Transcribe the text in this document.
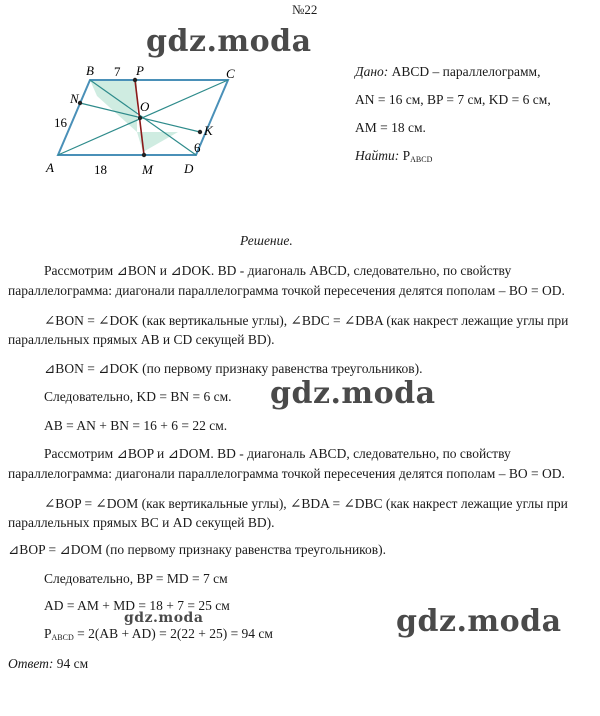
№22
gdz.moda
B 7 P	C
N
O
K
16
6
A	18	M D
Дано: ABCD – параллелограмм,
AN = 16 см, BP = 7 см, KD = 6 см,
AM = 18 см.
Найти: $P_{ABCD}$
Решение.
Рассмотрим ⊿BON и ⊿DOK. BD - диагональ ABCD, следовательно, по свойству
параллелограмма: диагонали параллелограмма точкой пересечения делятся пополам – BO = OD.
∠BON = ∠DOK (как вертикальные углы), ∠BDC = ∠DBA (как накрест лежащие углы при
параллельных прямых AB и CD секущей BD).
⊿BON = ⊿DOK (по первому признаку равенства треугольников).
Следовательно, KD = BN = 6 см. gdz.moda
AB = AN + BN = 16 + 6 = 22 см.
Рассмотрим ⊿BOP и ⊿DOM. BD - диагональ ABCD, следовательно, по свойству
параллелограмма: диагонали параллелограмма точкой пересечения делятся пополам – BO = OD.
∠BOP = ∠DOM (как вертикальные углы), ∠BDA = ∠DBC (как накрест лежащие углы при
параллельных прямых BC и AD секущей BD).
⊿BOP = ⊿DOM (по первому признаку равенства треугольников).
Следовательно, BP = MD = 7 см
AD = AM + MD = 18 + 7 = 25 см
gdz.moda
$P_{ABCD} = 2(AB + AD) = 2(22 + 25) = 94$ см	gdz.moda
Ответ: 94 см
